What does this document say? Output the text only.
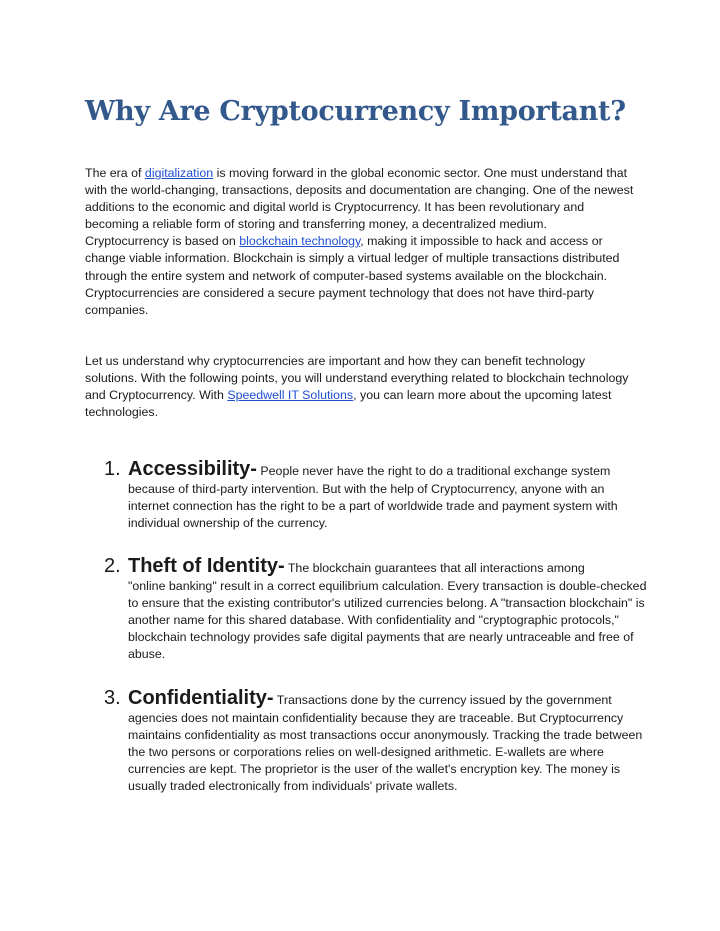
Why Are Cryptocurrency Important?

The era of digitalization is moving forward in the global economic sector. One must understand that with the world-changing, transactions, deposits and documentation are changing. One of the newest additions to the economic and digital world is Cryptocurrency. It has been revolutionary and becoming a reliable form of storing and transferring money, a decentralized medium.

Cryptocurrency is based on blockchain technology, making it impossible to hack and access or change viable information. Blockchain is simply a virtual ledger of multiple transactions distributed through the entire system and network of computer-based systems available on the blockchain. Cryptocurrencies are considered a secure payment technology that does not have third-party companies.

Let us understand why cryptocurrencies are important and how they can benefit technology solutions. With the following points, you will understand everything related to blockchain technology and Cryptocurrency. With Speedwell IT Solutions, you can learn more about the upcoming latest technologies.

1. Accessibility- People never have the right to do a traditional exchange system
because of third-party intervention. But with the help of Cryptocurrency, anyone with an internet connection has the right to be a part of worldwide trade and payment system with individual ownership of the currency.
2. Theft of Identity- The blockchain guarantees that all interactions among
"online banking" result in a correct equilibrium calculation. Every transaction is double-checked to ensure that the existing contributor's utilized currencies belong. A "transaction blockchain" is another name for this shared database. With confidentiality and "cryptographic protocols," blockchain technology provides safe digital payments that are nearly untraceable and free of abuse.
3. Confidentiality- Transactions done by the currency issued by the government
agencies does not maintain confidentiality because they are traceable. But Cryptocurrency maintains confidentiality as most transactions occur anonymously. Tracking the trade between the two persons or corporations relies on well-designed arithmetic. E-wallets are where currencies are kept. The proprietor is the user of the wallet's encryption key. The money is usually traded electronically from individuals' private wallets.
